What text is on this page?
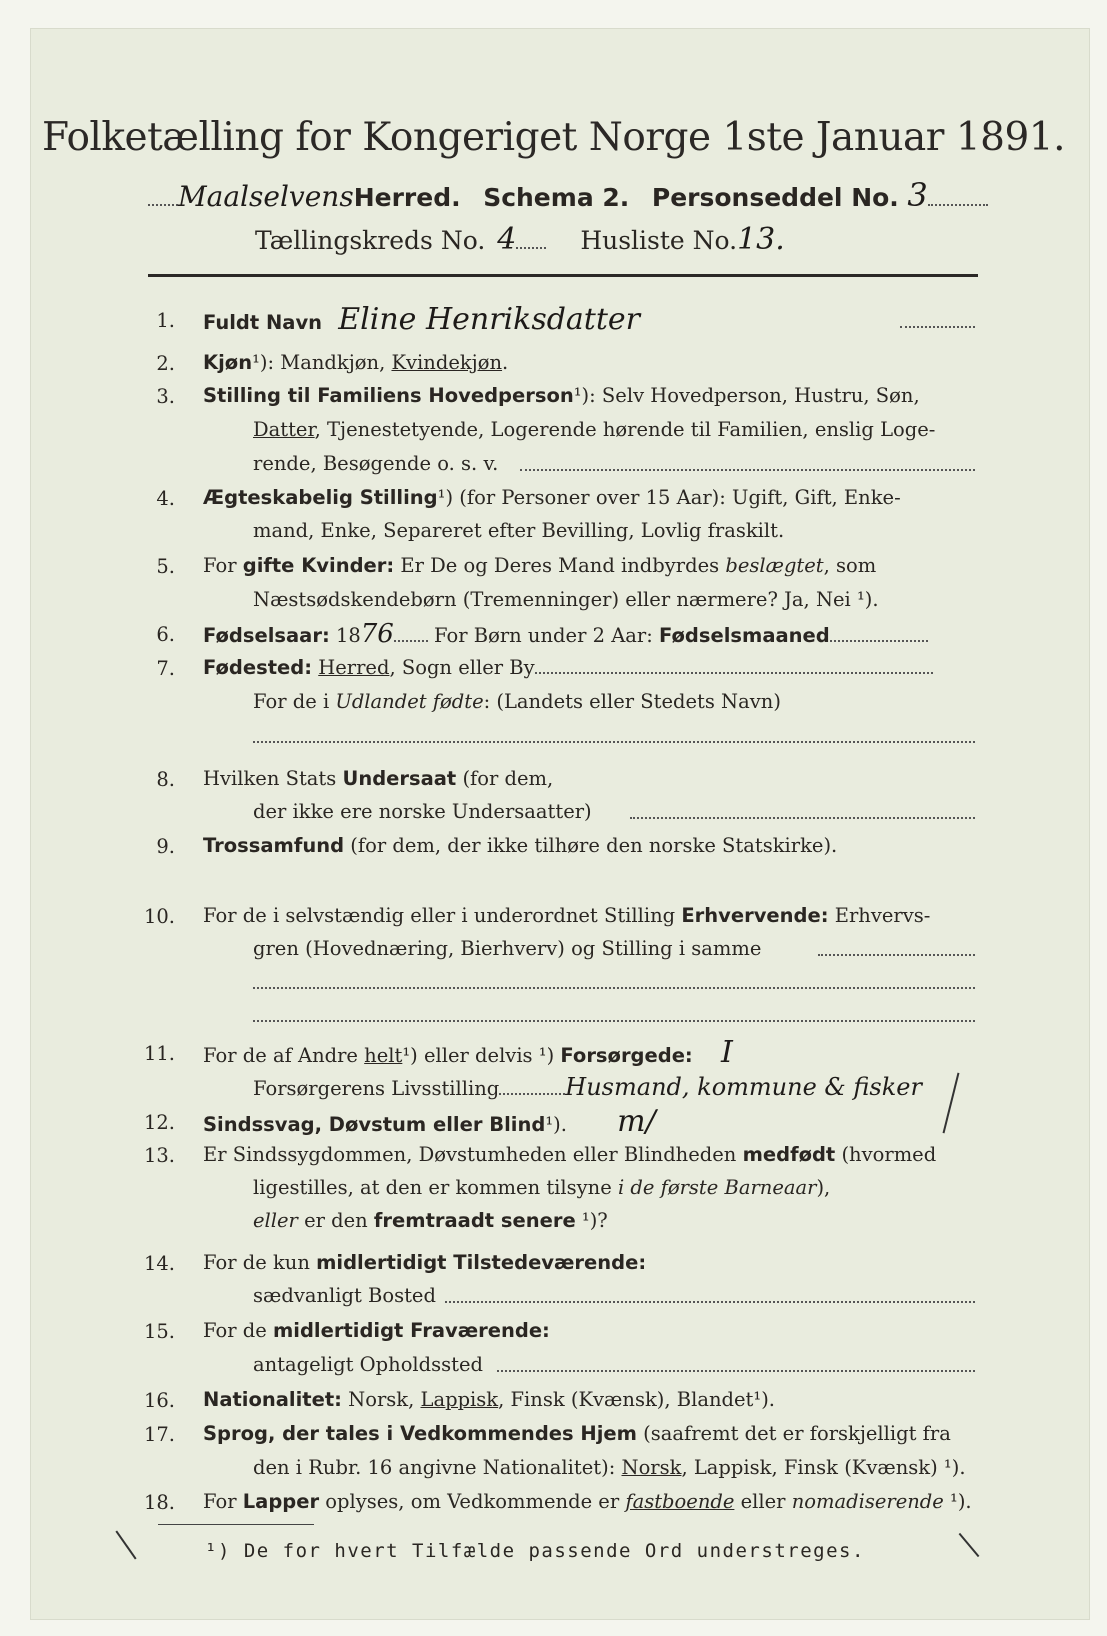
Folketælling for Kongeriget Norge 1ste Januar 1891.
MaalselvensHerred. Schema 2. Personseddel No. 3
Tællingskreds No. 4	Husliste No.13.
1. Fuldt Navn Eline Henriksdatter
2. Kjøn¹): Mandkjøn, Kvindekjøn.
3. Stilling til Familiens Hovedperson¹): Selv Hovedperson, Hustru, Søn,
Datter, Tjenestetyende, Logerende hørende til Familien, enslig Loge-
rende, Besøgende o. s. v.
4. Ægteskabelig Stilling¹) (for Personer over 15 Aar): Ugift, Gift, Enke-
mand, Enke, Separeret efter Bevilling, Lovlig fraskilt.
5. For gifte Kvinder: Er De og Deres Mand indbyrdes beslægtet, som
Næstsødskendebørn (Tremenninger) eller nærmere? Ja, Nei ¹).
6. Fødselsaar: 1876 For Børn under 2 Aar: Fødselsmaaned
7. Fødested: Herred, Sogn eller By
For de i Udlandet fødte: (Landets eller Stedets Navn)
8. Hvilken Stats Undersaat (for dem,
der ikke ere norske Undersaatter)
9. Trossamfund (for dem, der ikke tilhøre den norske Statskirke).
10. For de i selvstændig eller i underordnet Stilling Erhvervende: Erhvervs-
gren (Hovednæring, Bierhverv) og Stilling i samme
11. For de af Andre helt¹) eller delvis ¹) Forsørgede: I
Forsørgerens Livsstilling	Husmand, kommune & fisker
12. Sindssvag, Døvstum eller Blind¹). m/
13. Er Sindssygdommen, Døvstumheden eller Blindheden medfødt (hvormed
ligestilles, at den er kommen tilsyne i de første Barneaar),
eller er den fremtraadt senere ¹)?
14. For de kun midlertidigt Tilstedeværende:
sædvanligt Bosted
15. For de midlertidigt Fraværende:
antageligt Opholdssted
16. Nationalitet: Norsk, Lappisk, Finsk (Kvænsk), Blandet¹).
17. Sprog, der tales i Vedkommendes Hjem (saafremt det er forskjelligt fra
den i Rubr. 16 angivne Nationalitet): Norsk, Lappisk, Finsk (Kvænsk) ¹).
18. For Lapper oplyses, om Vedkommende er fastboende eller nomadiserende ¹).
¹) De for hvert Tilfælde passende Ord understreges.
